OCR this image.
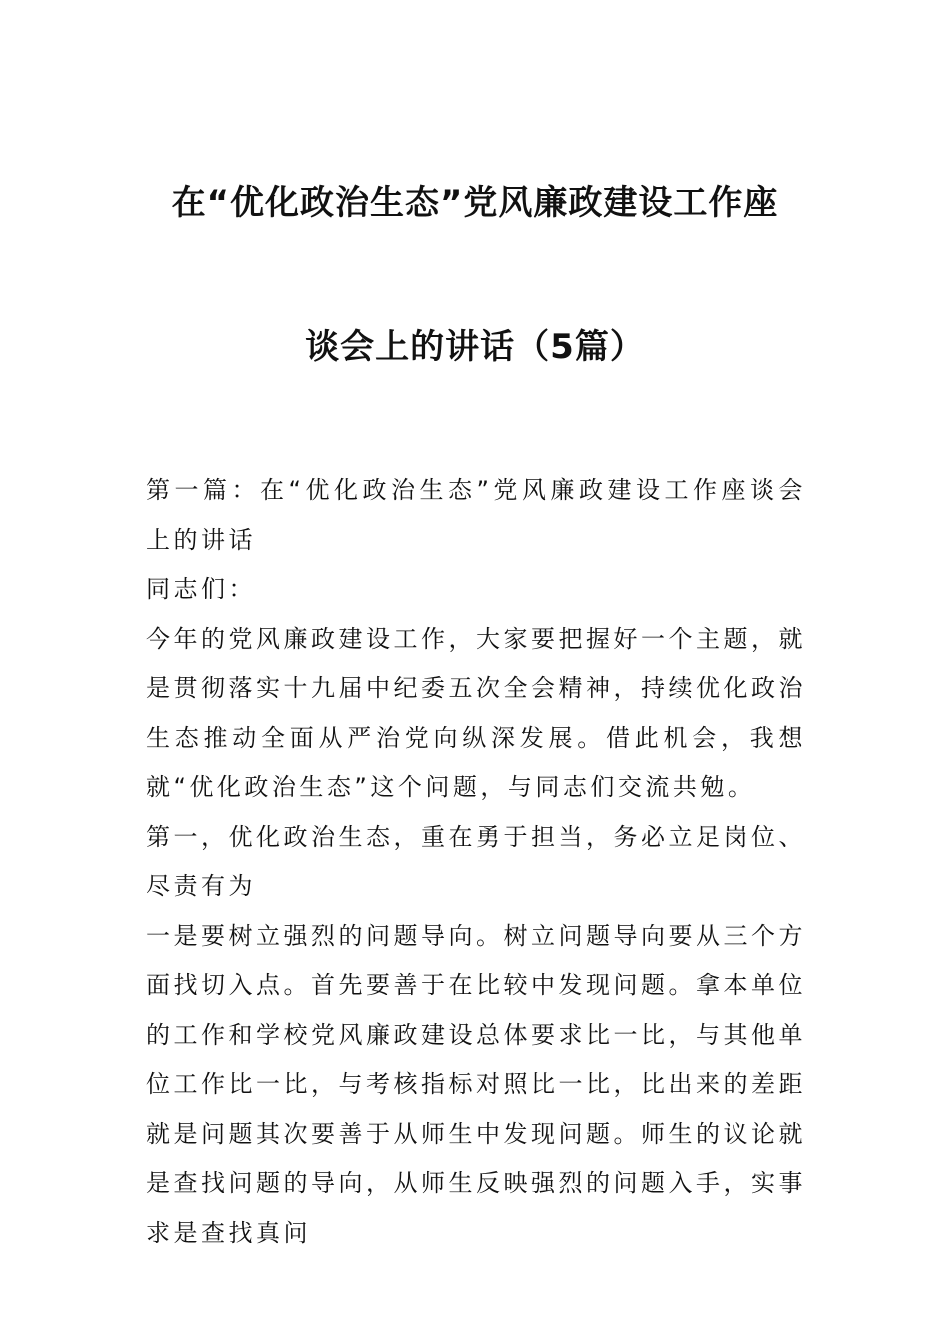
在“优化政治生态”党风廉政建设工作座
谈会上的讲话（5篇）

第一篇：在“优化政治生态”党风廉政建设工作座谈会上的讲话

同志们：

今年的党风廉政建设工作，大家要把握好一个主题，就是贯彻落实十九届中纪委五次全会精神，持续优化政治生态推动全面从严治党向纵深发展。借此机会，我想就“优化政治生态”这个问题，与同志们交流共勉。

第一，优化政治生态，重在勇于担当，务必立足岗位、尽责有为

一是要树立强烈的问题导向。树立问题导向要从三个方面找切入点。首先要善于在比较中发现问题。拿本单位的工作和学校党风廉政建设总体要求比一比，与其他单位工作比一比，与考核指标对照比一比，比出来的差距就是问题其次要善于从师生中发现问题。师生的议论就是查找问题的导向，从师生反映强烈的问题入手，实事求是查找真问
